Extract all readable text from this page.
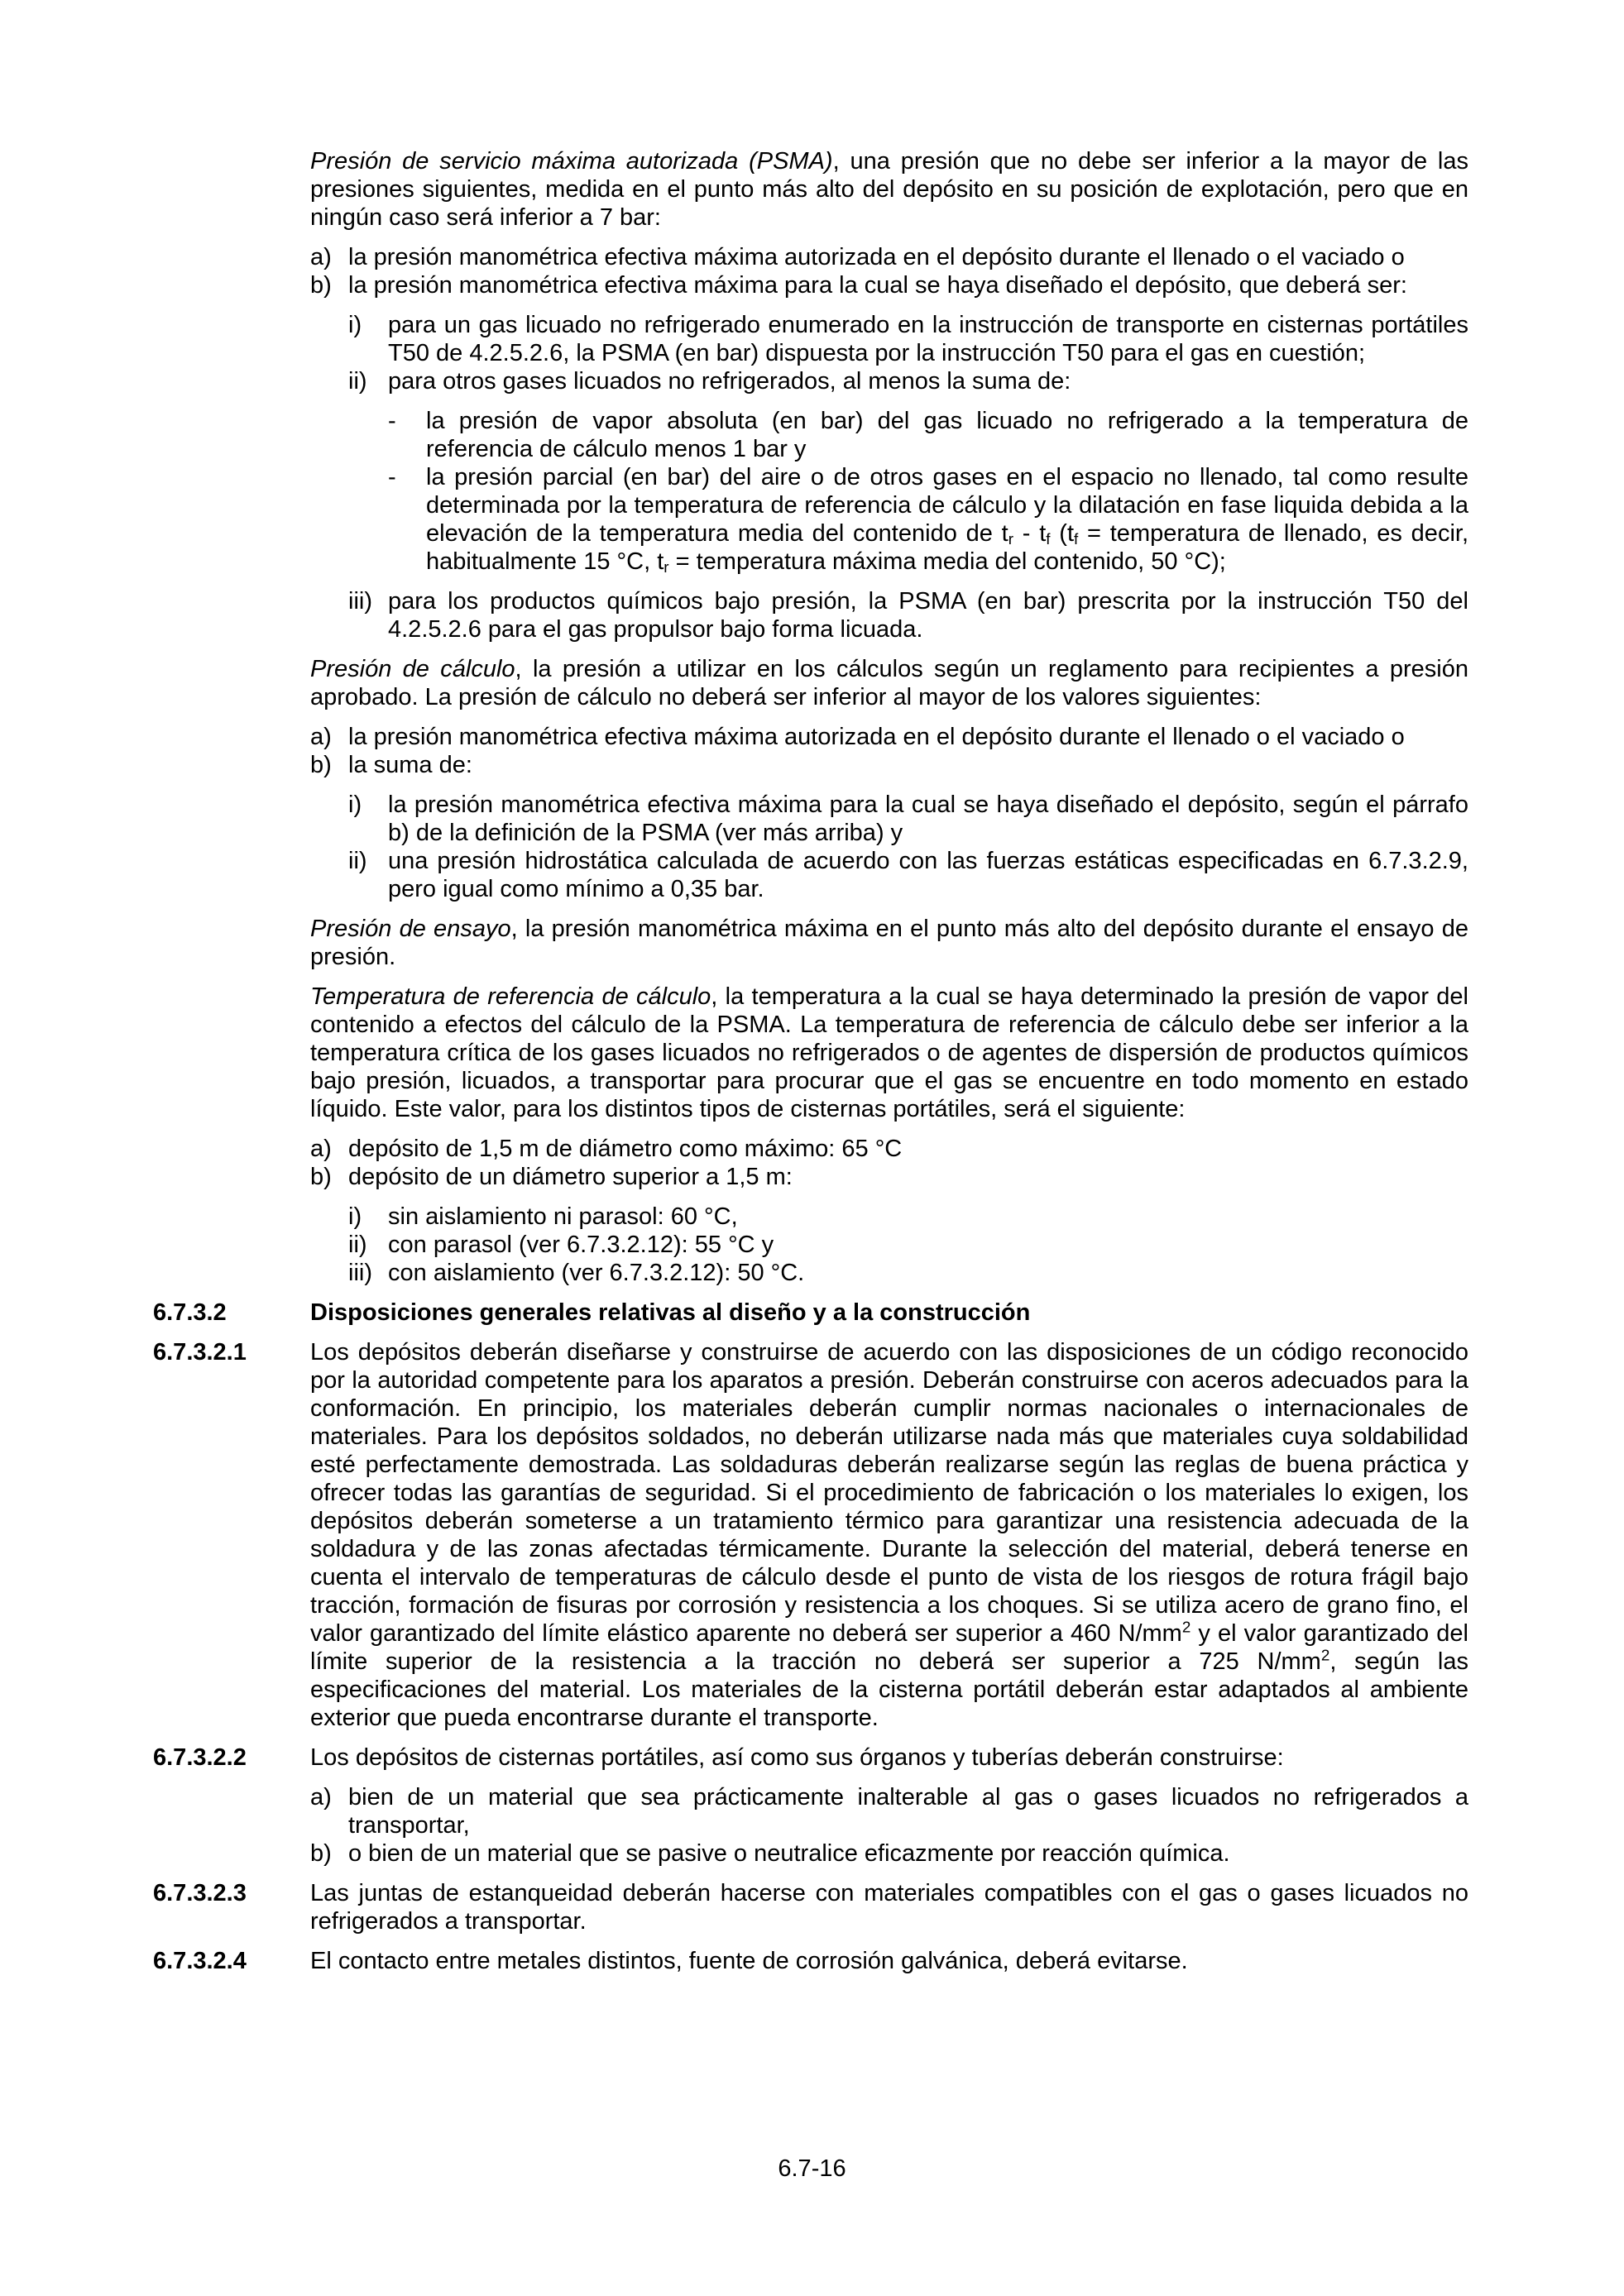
Presión de servicio máxima autorizada (PSMA), una presión que no debe ser inferior a la mayor de las presiones siguientes, medida en el punto más alto del depósito en su posición de explotación, pero que en ningún caso será inferior a 7 bar:

a) la presión manométrica efectiva máxima autorizada en el depósito durante el llenado o el vaciado o
b) la presión manométrica efectiva máxima para la cual se haya diseñado el depósito, que deberá ser:
i) para un gas licuado no refrigerado enumerado en la instrucción de transporte en cisternas portátiles T50 de 4.2.5.2.6, la PSMA (en bar) dispuesta por la instrucción T50 para el gas en cuestión;
ii) para otros gases licuados no refrigerados, al menos la suma de:
- la presión de vapor absoluta (en bar) del gas licuado no refrigerado a la temperatura de referencia de cálculo menos 1 bar y
- la presión parcial (en bar) del aire o de otros gases en el espacio no llenado, tal como resulte determinada por la temperatura de referencia de cálculo y la dilatación en fase liquida debida a la elevación de la temperatura media del contenido de $t_r - t_f$ ($t_f$ = temperatura de llenado, es decir, habitualmente 15 °C, $t_r$ = temperatura máxima media del contenido, 50 °C);
iii) para los productos químicos bajo presión, la PSMA (en bar) prescrita por la instrucción T50 del 4.2.5.2.6 para el gas propulsor bajo forma licuada.

Presión de cálculo, la presión a utilizar en los cálculos según un reglamento para recipientes a presión aprobado. La presión de cálculo no deberá ser inferior al mayor de los valores siguientes:

a) la presión manométrica efectiva máxima autorizada en el depósito durante el llenado o el vaciado o
b) la suma de:
i) la presión manométrica efectiva máxima para la cual se haya diseñado el depósito, según el párrafo b) de la definición de la PSMA (ver más arriba) y
ii) una presión hidrostática calculada de acuerdo con las fuerzas estáticas especificadas en 6.7.3.2.9, pero igual como mínimo a 0,35 bar.

Presión de ensayo, la presión manométrica máxima en el punto más alto del depósito durante el ensayo de presión.

Temperatura de referencia de cálculo, la temperatura a la cual se haya determinado la presión de vapor del contenido a efectos del cálculo de la PSMA. La temperatura de referencia de cálculo debe ser inferior a la temperatura crítica de los gases licuados no refrigerados o de agentes de dispersión de productos químicos bajo presión, licuados, a transportar para procurar que el gas se encuentre en todo momento en estado líquido. Este valor, para los distintos tipos de cisternas portátiles, será el siguiente:

a) depósito de 1,5 m de diámetro como máximo: 65 °C
b) depósito de un diámetro superior a 1,5 m:
i) sin aislamiento ni parasol: 60 °C,
ii) con parasol (ver 6.7.3.2.12): 55 °C y
iii) con aislamiento (ver 6.7.3.2.12): 50 °C.
6.7.3.2	Disposiciones generales relativas al diseño y a la construcción
6.7.3.2.1	Los depósitos deberán diseñarse y construirse de acuerdo con las disposiciones de un código reconocido por la autoridad competente para los aparatos a presión. Deberán construirse con aceros adecuados para la conformación. En principio, los materiales deberán cumplir normas nacionales o internacionales de materiales. Para los depósitos soldados, no deberán utilizarse nada más que materiales cuya soldabilidad esté perfectamente demostrada. Las soldaduras deberán realizarse según las reglas de buena práctica y ofrecer todas las garantías de seguridad. Si el procedimiento de fabricación o los materiales lo exigen, los depósitos deberán someterse a un tratamiento térmico para garantizar una resistencia adecuada de la soldadura y de las zonas afectadas térmicamente. Durante la selección del material, deberá tenerse en cuenta el intervalo de temperaturas de cálculo desde el punto de vista de los riesgos de rotura frágil bajo tracción, formación de fisuras por corrosión y resistencia a los choques. Si se utiliza acero de grano fino, el valor garantizado del límite elástico aparente no deberá ser superior a 460 $N/mm^2$ y el valor garantizado del límite superior de la resistencia a la tracción no deberá ser superior a 725 $N/mm^2$, según las especificaciones del material. Los materiales de la cisterna portátil deberán estar adaptados al ambiente exterior que pueda encontrarse durante el transporte.

6.7.3.2.2	Los depósitos de cisternas portátiles, así como sus órganos y tuberías deberán construirse:

a) bien de un material que sea prácticamente inalterable al gas o gases licuados no refrigerados a transportar,
b) o bien de un material que se pasive o neutralice eficazmente por reacción química.
6.7.3.2.3	Las juntas de estanqueidad deberán hacerse con materiales compatibles con el gas o gases licuados no refrigerados a transportar.

6.7.3.2.4	El contacto entre metales distintos, fuente de corrosión galvánica, deberá evitarse.

6.7-16
